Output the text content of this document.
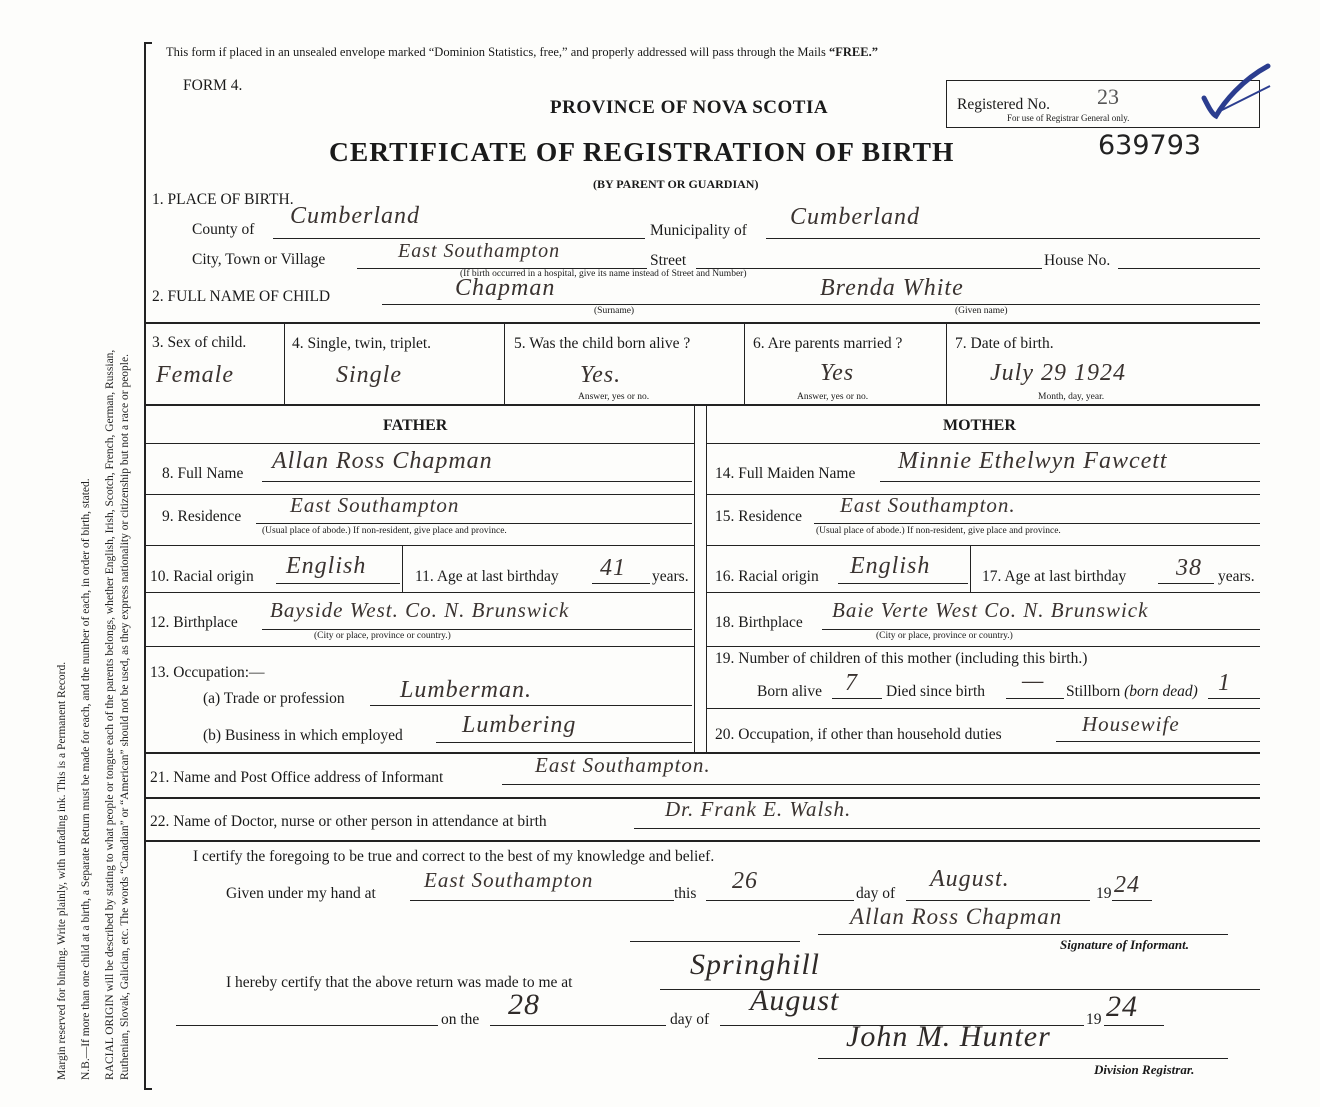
Margin reserved for binding. Write plainly, with unfading ink. This is a Permanent Record. N.B.—If more than one child at a birth, a Separate Return must be made for each, and the number of each, in order of birth, stated. RACIAL ORIGIN will be described by stating to what people or tongue each of the parents belongs, whether English, Irish, Scotch, French, German, Russian, Ruthenian, Slovak, Galician, etc. The words “Canadian” or “American” should not be used, as they express nationality or citizenship but not a race or people.
This form if placed in an unsealed envelope marked “Dominion Statistics, free,” and properly addressed will pass through the Mails “FREE.”
FORM 4.
PROVINCE OF NOVA SCOTIA
CERTIFICATE OF REGISTRATION OF BIRTH
(BY PARENT OR GUARDIAN)
Registered No. 23
For use of Registrar General only.
639793
1. PLACE OF BIRTH.
County of
Cumberland
Municipality of
Cumberland
City, Town or Village	East Southampton	Street	House No.
(If birth occurred in a hospital, give its name instead of Street and Number)
2. FULL NAME OF CHILD	Chapman	Brenda White
(Surname)	(Given name)
3. Sex of child.
Female
4. Single, twin, triplet.
Single
5. Was the child born alive ?
Yes.
Answer, yes or no.
6. Are parents married ?
Yes
Answer, yes or no.
7. Date of birth.
July 29 1924
Month, day, year.
FATHER	MOTHER
8. Full Name Allan Ross Chapman
9. Residence East Southampton
(Usual place of abode.) If non-resident, give place and province.
10. Racial origin English	11. Age at last birthday 41 years.
12. Birthplace
Bayside West. Co. N. Brunswick
(City or place, province or country.)
13. Occupation:—
(a) Trade or profession Lumberman.
(b) Business in which employed Lumbering
14. Full Maiden Name Minnie Ethelwyn Fawcett
15. Residence East Southampton.
(Usual place of abode.) If non-resident, give place and province.
16. Racial origin English	17. Age at last birthday 38 years.
18. Birthplace
Baie Verte West Co. N. Brunswick
(City or place, province or country.)
19. Number of children of this mother (including this birth.)
Born alive 7 Died since birth — Stillborn (born dead) 1
20. Occupation, if other than household duties	Housewife
21. Name and Post Office address of Informant
East Southampton.
22. Name of Doctor, nurse or other person in attendance at birth
Dr. Frank E. Walsh.
I certify the foregoing to be true and correct to the best of my knowledge and belief.
Given under my hand at
East Southampton
this 26	day of
August.
19 24
Allan Ross Chapman
Signature of Informant.
I hereby certify that the above return was made to me at
Springhill
on the 28	day of
August
19 24
John M. Hunter
Division Registrar.
